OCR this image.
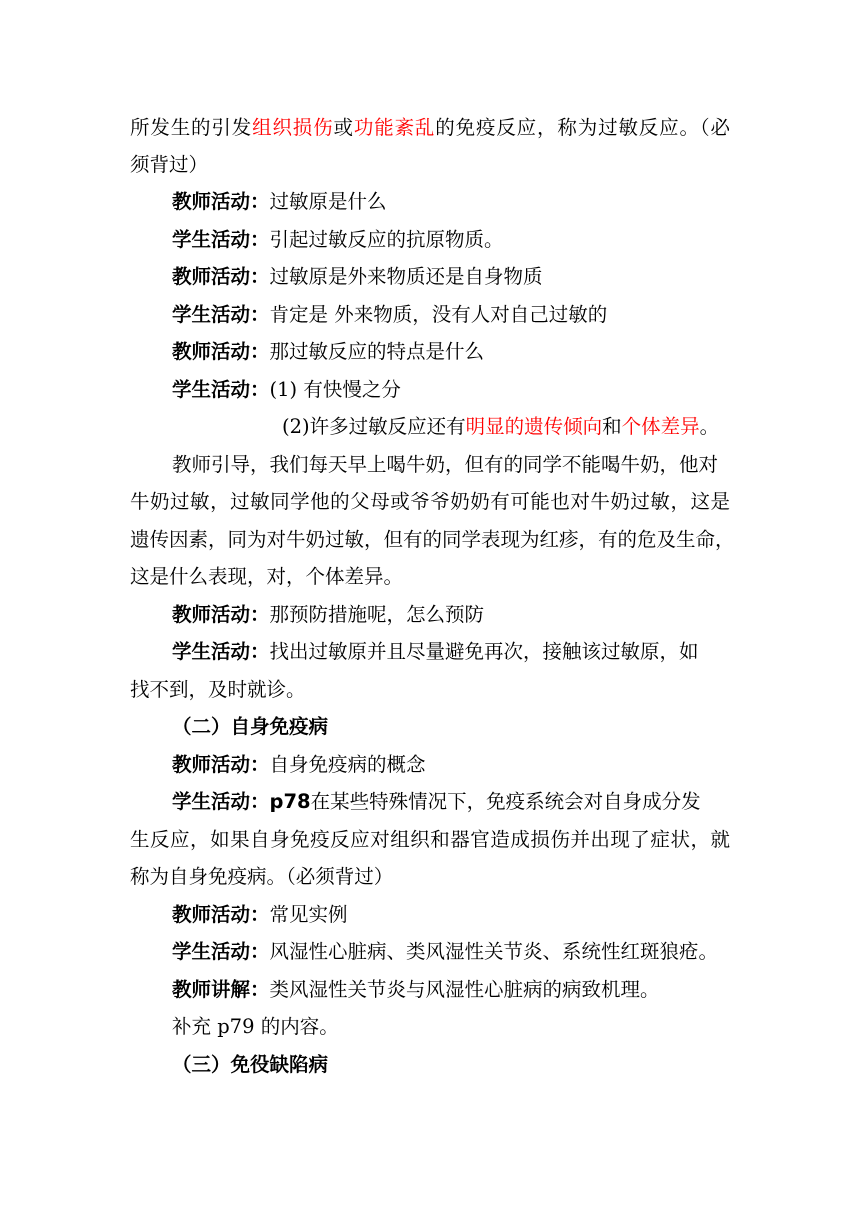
所发生的引发组织损伤或功能紊乱的免疫反应，称为过敏反应。（必
须背过）
教师活动：过敏原是什么
学生活动：引起过敏反应的抗原物质。
教师活动：过敏原是外来物质还是自身物质
学生活动：肯定是 外来物质，没有人对自己过敏的
教师活动：那过敏反应的特点是什么
学生活动：(1) 有快慢之分
(2)许多过敏反应还有明显的遗传倾向和个体差异。
教师引导，我们每天早上喝牛奶，但有的同学不能喝牛奶，他对
牛奶过敏，过敏同学他的父母或爷爷奶奶有可能也对牛奶过敏，这是
遗传因素，同为对牛奶过敏，但有的同学表现为红疹，有的危及生命，
这是什么表现，对，个体差异。
教师活动：那预防措施呢，怎么预防
学生活动：找出过敏原并且尽量避免再次，接触该过敏原，如
找不到，及时就诊。
（二）自身免疫病
教师活动：自身免疫病的概念
学生活动：p78在某些特殊情况下，免疫系统会对自身成分发
生反应，如果自身免疫反应对组织和器官造成损伤并出现了症状，就
称为自身免疫病。（必须背过）
教师活动：常见实例
学生活动：风湿性心脏病、类风湿性关节炎、系统性红斑狼疮。
教师讲解：类风湿性关节炎与风湿性心脏病的病致机理。
补充 p79 的内容。
（三）免役缺陷病
